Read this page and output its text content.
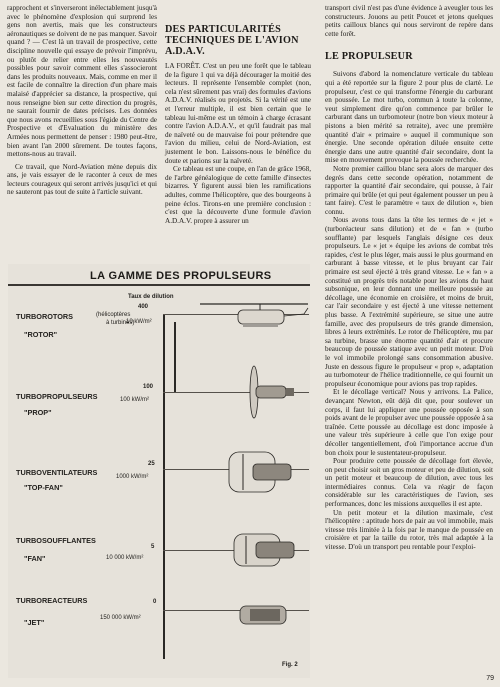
rapprochent et s'inverseront inélectablement jusqu'à avec le phénomène d'explosion qui surprend les gens non avertis, mais que les constructeurs aéronautiques se doivent de ne pas manquer. Savoir quand ? — C'est là un travail de prospective, cette discipline nouvelle qui essaye de prévoir l'imprévu, ou plutôt de relier entre elles les nouveautés possibles pour savoir comment elles s'associeront dans les produits nouveaux. Mais, comme en mer il est facile de connaître la direction d'un phare mais malaisé d'apprécier sa distance, la prospective, qui nous renseigne bien sur cette direction du progrès, ne saurait fournir de dates précises. Les données que nous avons recueillies sous l'égide du Centre de Prospective et d'Evaluation du ministère des Armées nous permettent de penser : 1980 peut-être, bien avant l'an 2000 sûrement. De toutes façons, mettons-nous au travail.

Ce travail, que Nord-Aviation mène depuis dix ans, je vais essayer de le raconter à ceux de mes lecteurs courageux qui seront arrivés jusqu'ici et qui ne sauteront pas tout de suite à l'article suivant.

DES PARTICULARITÉS TECHNIQUES DE L'AVION A.D.A.V.

LA FORÊT. C'est un peu une forêt que le tableau de la figure 1 qui va déjà décourager la moitié des lecteurs. Il représente l'ensemble complet (non, cela n'est sûrement pas vrai) des formules d'avions A.D.A.V. réalisés ou projetés. Si la vérité est une et l'erreur multiple, il est bien certain que le tableau lui-même est un témoin à charge écrasant contre l'avion A.D.A.V., et qu'il faudrait pas mal de naïveté ou de mauvaise foi pour prétendre que l'avion du milieu, celui de Nord-Aviation, est justement le bon. Laissons-nous le bénéfice du doute et parions sur la naïveté.

Ce tableau est une coupe, en l'an de grâce 1968, de l'arbre généalogique de cette famille d'insectes bizarres. Y figurent aussi bien les ramifications adultes, comme l'hélicoptère, que des bourgeons à peine éclos. Tirons-en une première conclusion : c'est que la découverte d'une formule d'avion A.D.A.V. propre à assurer un

transport civil n'est pas d'une évidence à aveugler tous les constructeurs. Jouons au petit Poucet et jetons quelques petits cailloux blancs qui nous serviront de repère dans cette forêt.

LE PROPULSEUR

Suivons d'abord la nomenclature verticale du tableau qui a été reportée sur la figure 2 pour plus de clarté. Le propulseur, c'est ce qui transforme l'énergie du carburant en poussée. Le mot turbo, commun à toute la colonne, veut simplement dire qu'on commence par brûler le carburant dans un turbomoteur (notre bon vieux moteur à pistons a bien mérité sa retraite), avec une première quantité d'air « primaire » auquel il communique son énergie. Une seconde opération diluée ensuite cette énergie dans une autre quantité d'air secondaire, dont la mise en mouvement provoque la poussée recherchée.

Notre premier caillou blanc sera alors de marquer des degrés dans cette seconde opération, notamment de rapporter la quantité d'air secondaire, qui pousse, à l'air primaire qui brûle (et qui peut également pousser un peu à tant faire). C'est le paramètre « taux de dilution », bien connu.

Nous avons tous dans la tête les termes de « jet » (turboréacteur sans dilution) et de « fan » (turbo soufflante) par lesquels l'anglais désigne ces deux propulseurs. Le « jet » équipe les avions de combat très rapides, c'est le plus léger, mais aussi le plus gourmand en carburant à basse vitesse, et le plus bruyant car l'air primaire est seul éjecté à très grand vitesse. Le « fan » a constitué un progrès très notable pour les avions du haut subsonique, en leur donnant une meilleure poussée au décollage, une économie en croisière, et moins de bruit, car l'air secondaire y est éjecté à une vitesse nettement plus basse. A l'extrémité supérieure, se situe une autre famille, avec des propulseurs de très grande dimension, libres à leurs extrémités. Le rotor de l'hélicoptère, mu par sa turbine, brasse une énorme quantité d'air et procure beaucoup de poussée statique avec un petit moteur. D'où le vol immobile prolongé sans consommation abusive. Juste en dessous figure le propulseur « prop », adaptation au turbomoteur de l'hélice traditionnelle, ce qui fournit un propulseur économique pour avions pas trop rapides.

Et le décollage vertical? Nous y arrivons. La Palice, devançant Newton, eût déjà dit que, pour soulever un corps, il faut lui appliquer une poussée opposée à son poids avant de le propulser avec une poussée opposée à sa traînée. Cette poussée au décollage est donc imposée à une valeur très supérieure à celle que l'on exige pour décoller tangentiellement, d'où l'importance accrue d'un bon choix pour le sustentateur-propulseur.

Pour produire cette poussée de décollage fort élevée, on peut choisir soit un gros moteur et peu de dilution, soit un petit moteur et beaucoup de dilution, avec tous les intermédiaires connus. Cela va réagir de façon considérable sur les caractéristiques de l'avion, ses performances, donc les missions auxquelles il est apte.

Un petit moteur et la dilution maximale, c'est l'hélicoptère : aptitude hors de pair au vol immobile, mais vitesse très limitée à la fois par le manque de poussée en croisière et par la taille du rotor, très mal adaptée à la vitesse. D'où un transport peu rentable pour l'exploi-

LA GAMME DES PROPULSEURS
Taux de dilution
TURBOROTORS	(hélicoptères
à turbines)
"ROTOR"
400
10 kW/m²
TURBOPROPULSEURS
"PROP"
100
100 kW/m²
TURBOVENTILATEURS
"TOP-FAN"
25
1000 kW/m²
TURBOSOUFFLANTES
"FAN"
5
10 000 kW/m²
TURBOREACTEURS
"JET"
0
150 000 kW/m²
Fig. 2
79
